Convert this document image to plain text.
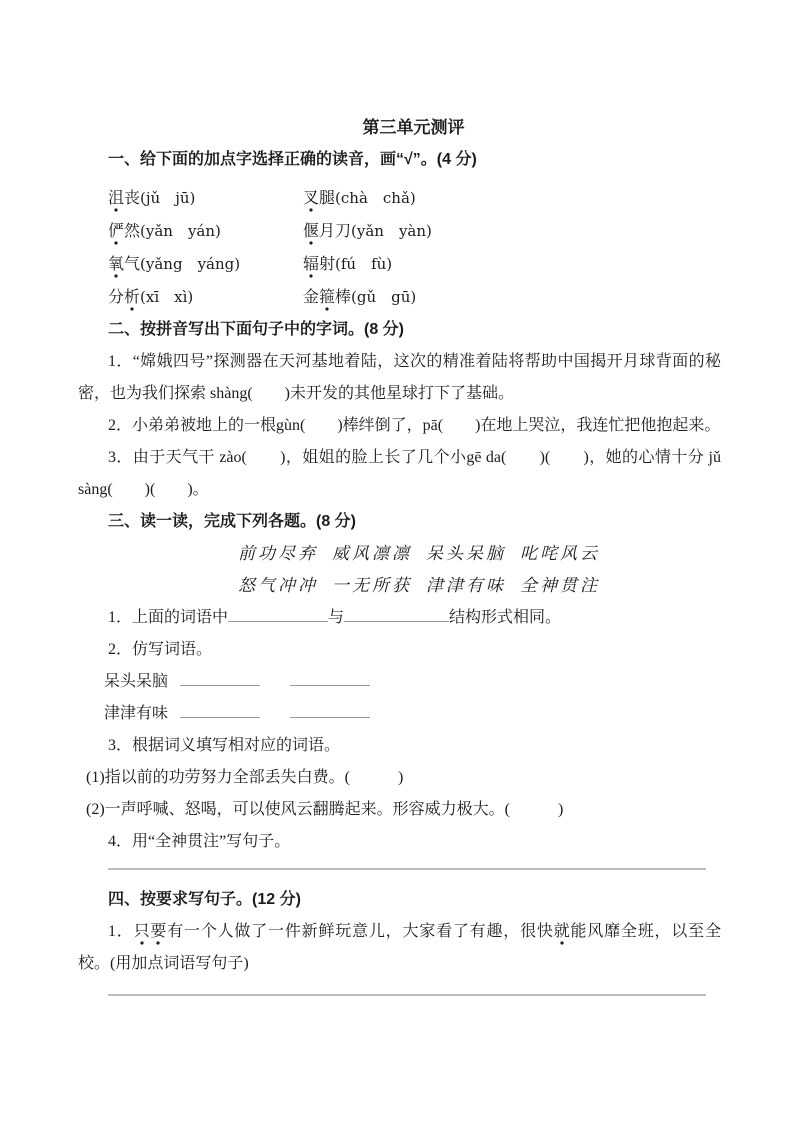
第三单元测评
一、给下面的加点字选择正确的读音，画“√”。(4 分)
沮丧(jǔ　jū)	叉腿(chà　chǎ)
俨然(yǎn　yán)	偃月刀(yǎn　yàn)
氧气(yǎng　yáng)	辐射(fú　fù)
分析(xī　xì)	金箍棒(gǔ　gū)
二、按拼音写出下面句子中的字词。(8 分)

1．“嫦娥四号”探测器在天河基地着陆，这次的精准着陆将帮助中国揭开月球背面的秘密，也为我们探索 shàng(　　)未开发的其他星球打下了基础。

2．小弟弟被地上的一根gùn(　　)棒绊倒了，pā(　　)在地上哭泣，我连忙把他抱起来。

3．由于天气干 zào(　　)，姐姐的脸上长了几个小gē da(　　)(　　)，她的心情十分 jǔ sàng(　　)(　　)。

三、读一读，完成下列各题。(8 分)
前功尽弃 威风凛凛 呆头呆脑 叱咤风云
怒气冲冲 一无所获 津津有味 全神贯注

1．上面的词语中	与	结构形式相同。

2．仿写词语。

呆头呆脑
津津有味

3．根据词义填写相对应的词语。

(1)指以前的功劳努力全部丢失白费。(　　　)

(2)一声呼喊、怒喝，可以使风云翻腾起来。形容威力极大。(　　　)

4．用“全神贯注”写句子。

四、按要求写句子。(12 分)

1．只要有一个人做了一件新鲜玩意儿，大家看了有趣，很快就能风靡全班，以至全校。(用加点词语写句子)
